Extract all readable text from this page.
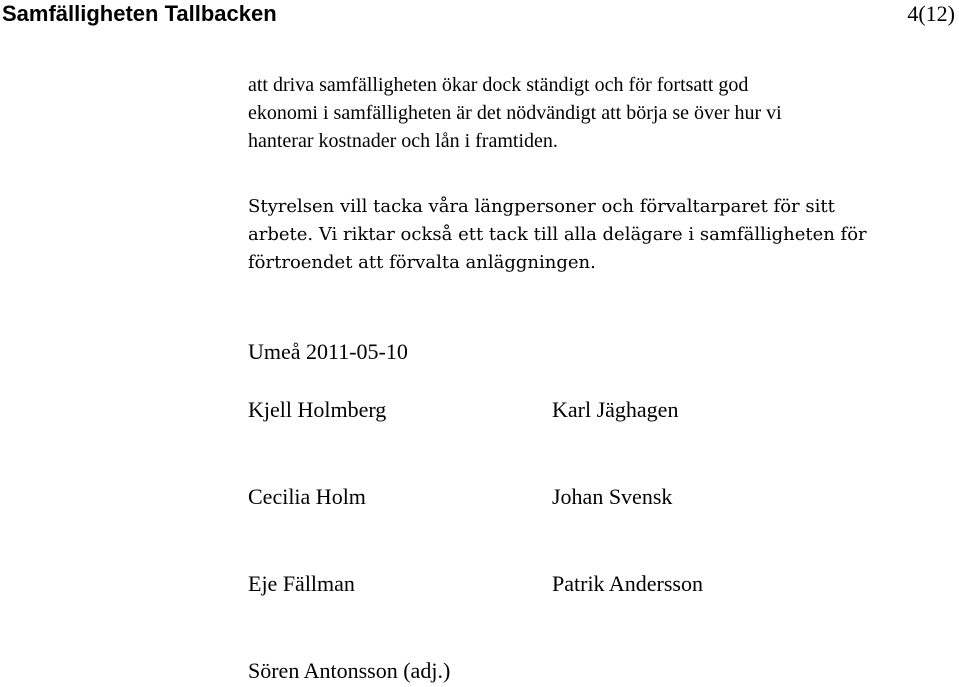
Samfälligheten Tallbacken	4(12)
att driva samfälligheten ökar dock ständigt och för fortsatt god
ekonomi i samfälligheten är det nödvändigt att börja se över hur vi
hanterar kostnader och lån i framtiden.
Styrelsen vill tacka våra längpersoner och förvaltarparet för sitt
arbete. Vi riktar också ett tack till alla delägare i samfälligheten för
förtroendet att förvalta anläggningen.
Umeå 2011-05-10
Kjell Holmberg	Karl Jäghagen
Cecilia Holm	Johan Svensk
Eje Fällman	Patrik Andersson
Sören Antonsson (adj.)
